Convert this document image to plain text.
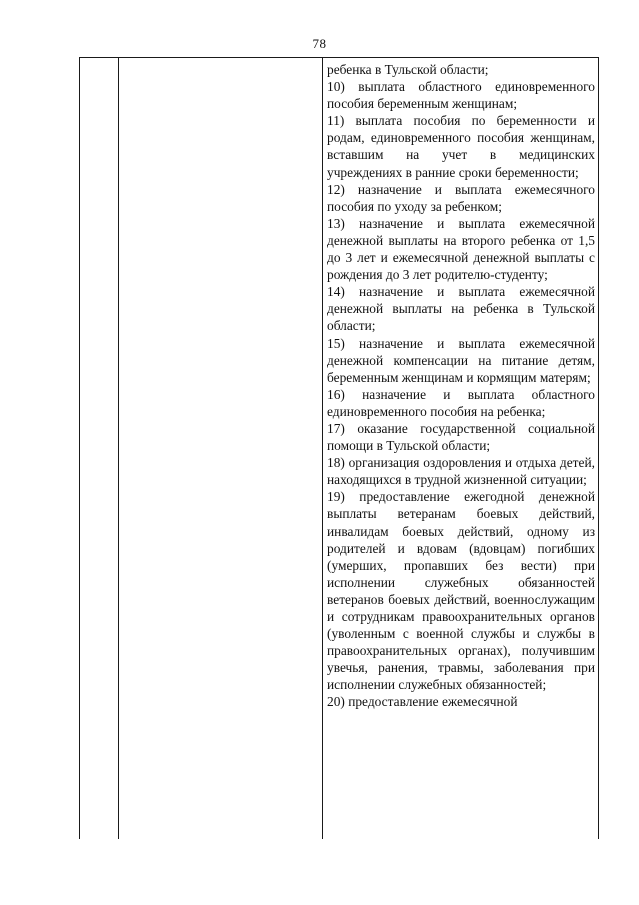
78

ребенка в Тульской области;

10) выплата областного единовременного пособия беременным женщинам;

11) выплата пособия по беременности и родам, единовременного пособия женщинам, вставшим на учет в медицинских учреждениях в ранние сроки беременности;

12) назначение и выплата ежемесячного пособия по уходу за ребенком;

13) назначение и выплата ежемесячной денежной выплаты на второго ребенка от 1,5 до 3 лет и ежемесячной денежной выплаты с рождения до 3 лет родителю-студенту;

14) назначение и выплата ежемесячной денежной выплаты на ребенка в Тульской области;

15) назначение и выплата ежемесячной денежной компенсации на питание детям, беременным женщинам и кормящим матерям;

16) назначение и выплата областного единовременного пособия на ребенка;

17) оказание государственной социальной помощи в Тульской области;

18) организация оздоровления и отдыха детей, находящихся в трудной жизненной ситуации;

19) предоставление ежегодной денежной выплаты ветеранам боевых действий, инвалидам боевых действий, одному из родителей и вдовам (вдовцам) погибших (умерших, пропавших без вести) при исполнении служебных обязанностей ветеранов боевых действий, военнослужащим и сотрудникам правоохранительных органов (уволенным с военной службы и службы в правоохранительных органах), получившим увечья, ранения, травмы, заболевания при исполнении служебных обязанностей;

20) предоставление ежемесячной
